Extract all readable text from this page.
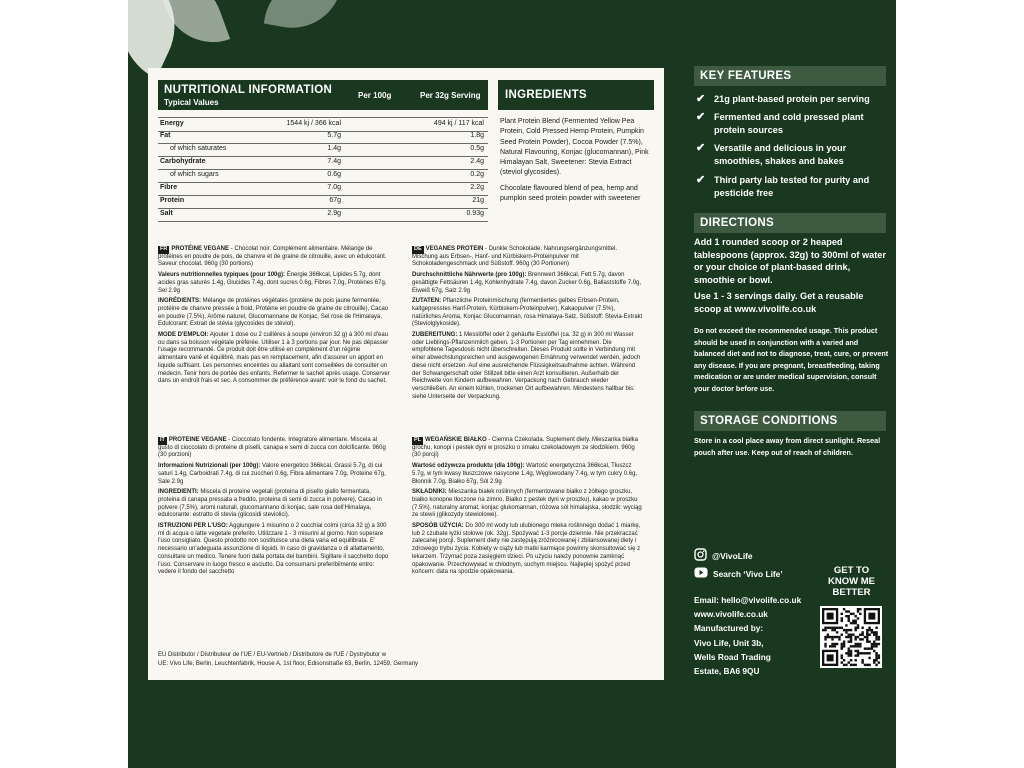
NUTRITIONAL INFORMATION
Typical Values
Per 100g	Per 32g Serving
Energy	1544 kj / 366 kcal	494 kj / 117 kcal
Fat	5.7g	1.8g
of which saturates	1.4g	0.5g
Carbohydrate	7.4g	2.4g
of which sugars	0.6g	0.2g
Fibre	7.0g	2.2g
Protein	67g	21g
Salt	2.9g	0.93g
INGREDIENTS
Plant Protein Blend (Fermented Yellow Pea Protein, Cold Pressed Hemp Protein, Pumpkin Seed Protein Powder), Cocoa Powder (7.5%), Natural Flavouring, Konjac (glucomannan), Pink Himalayan Salt, Sweetener: Stevia Extract (steviol glycosides).
Chocolate flavoured blend of pea, hemp and pumpkin seed protein powder with sweetener

FR PROTÉINE VEGANE - Chocolat noir. Complément alimentaire. Mélange de protéines en poudre de pois, de chanvre et de graine de citrouille, avec un édulcorant. Saveur chocolat. 960g (30 portions)

Valeurs nutritionnelles typiques (pour 100g): Énergie 366kcal, Lipides 5.7g, dont acides gras saturés 1.4g, Glucides 7.4g, dont sucres 0.6g, Fibres 7.0g, Protéines 67g, Sel 2.9g

INGRÉDIENTS: Mélange de protéines végétales (protéine de pois jaune fermentée, protéine de chanvre pressée à froid, Protéine en poudre de graine de citrouille), Cacao en poudre (7.5%), Arôme naturel, Glucomannane de Konjac, Sel rose de l'Himalaya, Edulcorant: Extrait de stévia (glycosides de stéviol).

MODE D'EMPLOI: Ajouter 1 dose ou 2 cuillères à soupe (environ 32 g) à 300 ml d'eau ou dans sa boisson végétale préférée. Utiliser 1 à 3 portions par jour. Ne pas dépasser l'usage recommandé. Ce produit doit être utilisé en complément d'un régime alimentaire varié et équilibré, mais pas en remplacement, afin d'assurer un apport en liquide suffisant. Les personnes enceintes ou allaitant sont conseillées de consulter un médecin. Tenir hors de portée des enfants. Refermer le sachet après usage. Conserver dans un endroit frais et sec. A consommer de préférence avant: voir le fond du sachet.

DE VEGANES PROTEIN - Dunkle Schokolade. Nahrungsergänzungsmittel. Mischung aus Erbsen-, Hanf- und Kürbiskern-Proteinpulver mit Schokoladengeschmack und Süßstoff. 960g (30 Portionen)

Durchschnittliche Nährwerte (pro 100g): Brennwert 366kcal, Fett 5.7g, davon gesättigte Fettsäuren 1.4g, Kohlenhydrate 7.4g, davon Zucker 0.6g, Ballaststoffe 7.0g, Eiweiß 67g, Salz 2.9g

ZUTATEN: Pflanzliche Proteinmischung (fermentiertes gelbes Erbsen-Protein, kaltgepresstes Hanf-Protein, Kürbiskern-Proteinpulver), Kakaopulver (7.5%), natürliches Aroma, Konjac Glucomannan, rosa Himalaya-Salz, Süßstoff: Stevia-Extrakt (Steviolglykoside).

ZUBEREITUNG: 1 Messlöffel oder 2 gehäufte Esslöffel (ca. 32 g) in 300 ml Wasser oder Lieblings-Pflanzenmilch geben. 1-3 Portionen per Tag einnehmen. Die empfohlene Tagesdosis nicht überschreiten. Dieses Produkt sollte in Verbindung mit einer abwechslungsreichen und ausgewogenen Ernährung verwendet werden, jedoch diese nicht ersetzen. Auf eine ausreichende Flüssigkeitsaufnahme achten. Während der Schwangerschaft oder Stillzeit bitte einen Arzt konsultieren. Außerhalb der Reichweite von Kindern aufbewahren. Verpackung nach Gebrauch wieder verschließen. An einem kühlen, trockenen Ort aufbewahren. Mindestens haltbar bis: siehe Unterseite der Verpackung.

IT PROTEINE VEGANE - Cioccolato fondente. Integratore alimentare. Miscela al gusto di cioccolato di proteine di piselli, canapa e semi di zucca con dolcificante. 960g (30 porzioni)

Informazioni Nutrizionali (per 100g): Valore energetico 366kcal, Grassi 5.7g, di cui saturi 1.4g, Carboidrati 7.4g, di cui zuccheri 0.6g, Fibra alimentare 7.0g, Proteine 67g, Sale 2.9g

INGREDIENTI: Miscela di proteine vegetali (proteina di pisello giallo fermentata, proteina di canapa pressata a freddo, proteina di semi di zucca in polvere), Cacao in polvere (7.5%), aromi naturali, glucomannano di konjac, sale rosa dell'Himalaya, edulcorante: estratto di stevia (glicosidi steviolici).

ISTRUZIONI PER L'USO: Aggiungere 1 misurino o 2 cucchiai colmi (circa 32 g) a 300 ml di acqua o latte vegetale preferito. Utilizzare 1 - 3 misurini al giorno. Non superare l'uso consigliato. Questo prodotto non sostituisce una dieta varia ed equilibrata. E' necessario un'adeguata assunzione di liquidi. In caso di gravidanza o di allattamento, consultare un medico. Tenere fuori dalla portata dei bambini. Sigillare il sacchetto dopo l'uso. Conservare in luogo fresco e asciutto. Da consumarsi preferibilmente entro: vedere il fondo del sacchetto

PL WEGAŃSKIE BIAŁKO - Ciemna Czekolada. Suplement diety. Mieszanka białka grochu, konopi i pestek dyni w proszku o smaku czekoladowym ze słodzikiem. 960g (30 porcji)

Wartość odżywcza produktu (dla 100g): Wartość energetyczna 366kcal, Tłuszcz 5.7g, w tym kwasy tłuszczowe nasycone 1.4g, Węglowodany 7.4g, w tym cukry 0.6g, Błonnik 7.0g, Białko 67g, Sól 2.9g

SKŁADNIKI: Mieszanka białek roślinnych (fermentowane białko z żółtego groszku, białko konopne tłoczone na zimno, Białko z pestek dyni w proszku), kakao w proszku (7.5%), naturalny aromat, konjac glukomannan, różowa sól himalajska, słodzik: wyciąg ze stewii (glikozydy stewiolowe).

SPOSÓB UŻYCIA: Do 300 ml wody lub ulubionego mleka roślinnego dodać 1 miarkę, lub 2 czubate łyżki stołowe (ok. 32g). Spożywać 1-3 porcje dziennie. Nie przekraczać zalecanej porcji. Suplement diety nie zastępują zróżnicowanej i zbilansowanej diety i zdrowego trybu życia. Kobiety w ciąży lub matki karmiące powinny skonsultować się z lekarzem. Trzymać poza zasięgiem dzieci. Po użyciu należy ponownie zamknąć opakowanie. Przechowywać w chłodnym, suchym miejscu. Najlepiej spożyć przed końcem: data na spodzie opakowania.

EU Distributor / Distributeur de l'UE / EU-Vertrieb / Distributore de l'UE / Dystrybutor w
UE: Vivo Life, Berlin, Leuchtenfabrik, House A, 1st floor, Edisonstraße 63, Berlin, 12459, Germany
KEY FEATURES
✔ 21g plant-based protein per serving
✔ Fermented and cold pressed plant protein sources
✔ Versatile and delicious in your smoothies, shakes and bakes
✔ Third party lab tested for purity and pesticide free
DIRECTIONS

Add 1 rounded scoop or 2 heaped tablespoons (approx. 32g) to 300ml of water or your choice of plant-based drink, smoothie or bowl.

Use 1 - 3 servings daily. Get a reusable scoop at www.vivolife.co.uk

Do not exceed the recommended usage. This product should be used in conjunction with a varied and balanced diet and not to diagnose, treat, cure, or prevent any disease. If you are pregnant, breastfeeding, taking medication or are under medical supervision, consult your doctor before use.
STORAGE CONDITIONS
Store in a cool place away from direct sunlight. Reseal pouch after use. Keep out of reach of children.
@VivoLife
Search ‘Vivo Life’
Email: hello@vivolife.co.uk
www.vivolife.co.uk
Manufactured by:
Vivo Life, Unit 3b,
Wells Road Trading
Estate, BA6 9QU
GET TO KNOW ME BETTER
